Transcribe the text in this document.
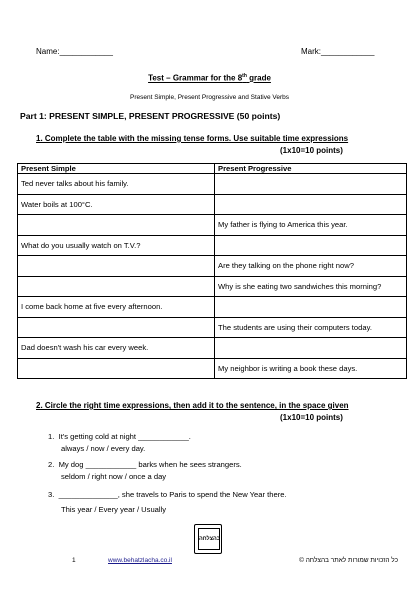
Name:____________	Mark:____________
Test – Grammar for the 8th grade
Present Simple, Present Progressive and Stative Verbs
Part 1: PRESENT SIMPLE, PRESENT PROGRESSIVE (50 points)
1. Complete the table with the missing tense forms. Use suitable time expressions
(1x10=10 points)
Present Simple	Present Progressive
Ted never talks about his family.	
Water boils at 100°C.	
	My father is flying to America this year.
What do you usually watch on T.V.?	
	Are they talking on the phone right now?
	Why is she eating two sandwiches this morning?
I come back home at five every afternoon.	
	The students are using their computers today.
Dad doesn't wash his car every week.	
	My neighbor is writing a book these days.
2. Circle the right time expressions, then add it to the sentence, in the space given
(1x10=10 points)
1. It's getting cold at night ____________.
always / now / every day.
2. My dog ____________ barks when he sees strangers.
seldom / right now / once a day
3. ______________, she travels to Paris to spend the New Year there.
This year / Every year / Usually
בהצלחה
1	www.behatzlacha.co.il	כל הזכויות שמורות לאתר בהצלחה ©
